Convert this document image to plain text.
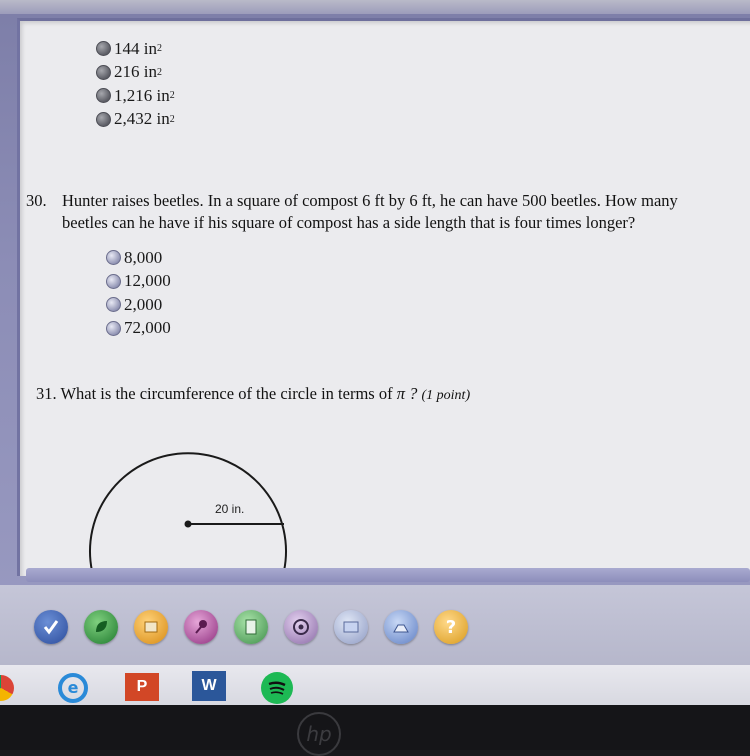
144 in 2
216 in 2
1,216 in 2
2,432 in 2
30. Hunter raises beetles. In a square of compost 6 ft by 6 ft, he can have 500 beetles. How many
beetles can he have if his square of compost has a side length that is four times longer?
8,000
12,000
2,000
72,000
31. What is the circumference of the circle in terms of π ? (1 point)
20 in.
?
e	P	W
hp
